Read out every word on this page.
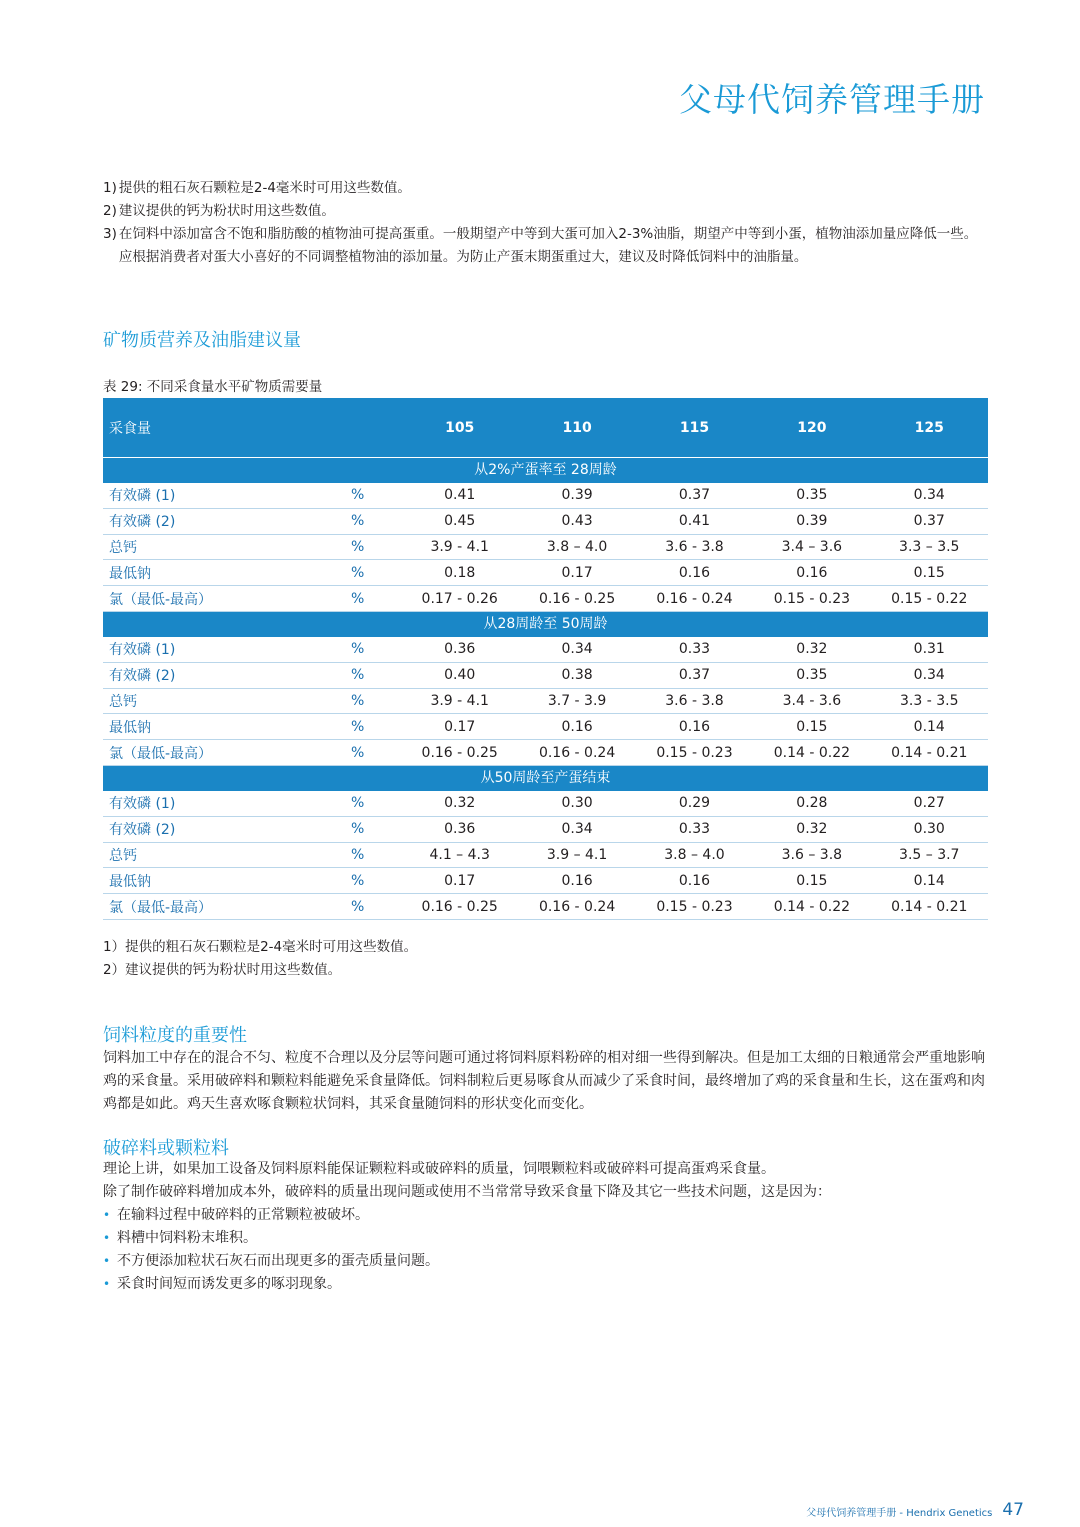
父母代饲养管理手册
1) 提供的粗石灰石颗粒是2-4毫米时可用这些数值。
2) 建议提供的钙为粉状时用这些数值。
3) 在饲料中添加富含不饱和脂肪酸的植物油可提高蛋重。一般期望产中等到大蛋可加入2-3%油脂，期望产中等到小蛋，植物油添加量应降低一些。应根据消费者对蛋大小喜好的不同调整植物油的添加量。为防止产蛋末期蛋重过大，建议及时降低饲料中的油脂量。
矿物质营养及油脂建议量
表 29: 不同采食量水平矿物质需要量
采食量	105	110	115	120	125
从2%产蛋率至 28周龄
有效磷 (1)	%	0.41	0.39	0.37	0.35	0.34
有效磷 (2)	%	0.45	0.43	0.41	0.39	0.37
总钙	%	3.9 - 4.1	3.8 – 4.0	3.6 - 3.8	3.4 – 3.6	3.3 – 3.5
最低钠	%	0.18	0.17	0.16	0.16	0.15
氯（最低-最高）	%	0.17 - 0.26	0.16 - 0.25	0.16 - 0.24	0.15 - 0.23	0.15 - 0.22
从28周龄至 50周龄
有效磷 (1)	%	0.36	0.34	0.33	0.32	0.31
有效磷 (2)	%	0.40	0.38	0.37	0.35	0.34
总钙	%	3.9 - 4.1	3.7 - 3.9	3.6 - 3.8	3.4 - 3.6	3.3 - 3.5
最低钠	%	0.17	0.16	0.16	0.15	0.14
氯（最低-最高）	%	0.16 - 0.25	0.16 - 0.24	0.15 - 0.23	0.14 - 0.22	0.14 - 0.21
从50周龄至产蛋结束
有效磷 (1)	%	0.32	0.30	0.29	0.28	0.27
有效磷 (2)	%	0.36	0.34	0.33	0.32	0.30
总钙	%	4.1 – 4.3	3.9 – 4.1	3.8 – 4.0	3.6 – 3.8	3.5 – 3.7
最低钠	%	0.17	0.16	0.16	0.15	0.14
氯（最低-最高）	%	0.16 - 0.25	0.16 - 0.24	0.15 - 0.23	0.14 - 0.22	0.14 - 0.21
1）提供的粗石灰石颗粒是2-4毫米时可用这些数值。
2）建议提供的钙为粉状时用这些数值。
饲料粒度的重要性
饲料加工中存在的混合不匀、粒度不合理以及分层等问题可通过将饲料原料粉碎的相对细一些得到解决。但是加工太细的日粮通常会严重地影响鸡的采食量。采用破碎料和颗粒料能避免采食量降低。饲料制粒后更易啄食从而减少了采食时间，最终增加了鸡的采食量和生长，这在蛋鸡和肉鸡都是如此。鸡天生喜欢啄食颗粒状饲料，其采食量随饲料的形状变化而变化。
破碎料或颗粒料
理论上讲，如果加工设备及饲料原料能保证颗粒料或破碎料的质量，饲喂颗粒料或破碎料可提高蛋鸡采食量。
除了制作破碎料增加成本外，破碎料的质量出现问题或使用不当常常导致采食量下降及其它一些技术问题，这是因为：
• 在输料过程中破碎料的正常颗粒被破坏。
• 料槽中饲料粉末堆积。
• 不方便添加粒状石灰石而出现更多的蛋壳质量问题。
• 采食时间短而诱发更多的啄羽现象。
父母代饲养管理手册 - Hendrix Genetics 47
